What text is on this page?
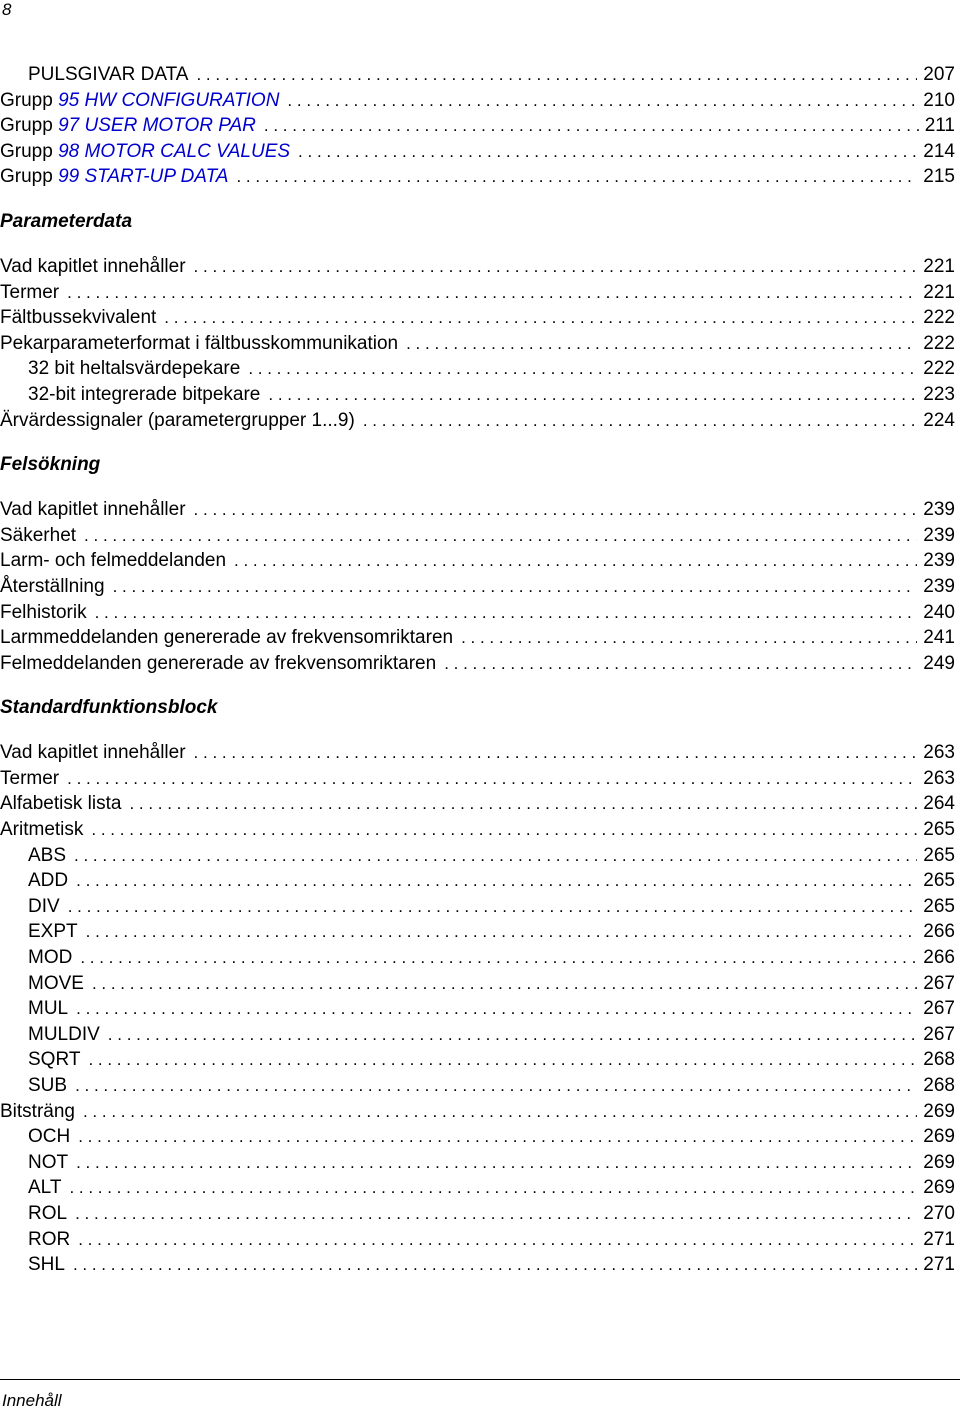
8
PULSGIVAR DATA . . .	207
Grupp 95 HW CONFIGURATION . . .	210
Grupp 97 USER MOTOR PAR . . .	211
Grupp 98 MOTOR CALC VALUES . . .	214
Grupp 99 START-UP DATA . . .	215
Parameterdata
Vad kapitlet innehåller . . .	221
Termer . . .	221
Fältbussekvivalent . . .	222
Pekarparameterformat i fältbusskommunikation . . .	222
32 bit heltalsvärdepekare . . .	222
32-bit integrerade bitpekare . . .	223
Ärvärdessignaler (parametergrupper 1...9) . . .	224
Felsökning
Vad kapitlet innehåller . . .	239
Säkerhet . . .	239
Larm- och felmeddelanden . . .	239
Återställning . . .	239
Felhistorik . . .	240
Larmmeddelanden genererade av frekvensomriktaren . . .	241
Felmeddelanden genererade av frekvensomriktaren . . .	249
Standardfunktionsblock
Vad kapitlet innehåller . . .	263
Termer . . .	263
Alfabetisk lista . . .	264
Aritmetisk . . .	265
ABS . . .	265
ADD . . .	265
DIV . . .	265
EXPT . . .	266
MOD . . .	266
MOVE . . .	267
MUL . . .	267
MULDIV . . .	267
SQRT . . .	268
SUB . . .	268
Bitsträng . . .	269
OCH . . .	269
NOT . . .	269
ALT . . .	269
ROL . . .	270
ROR . . .	271
SHL . . .	271
Innehåll
